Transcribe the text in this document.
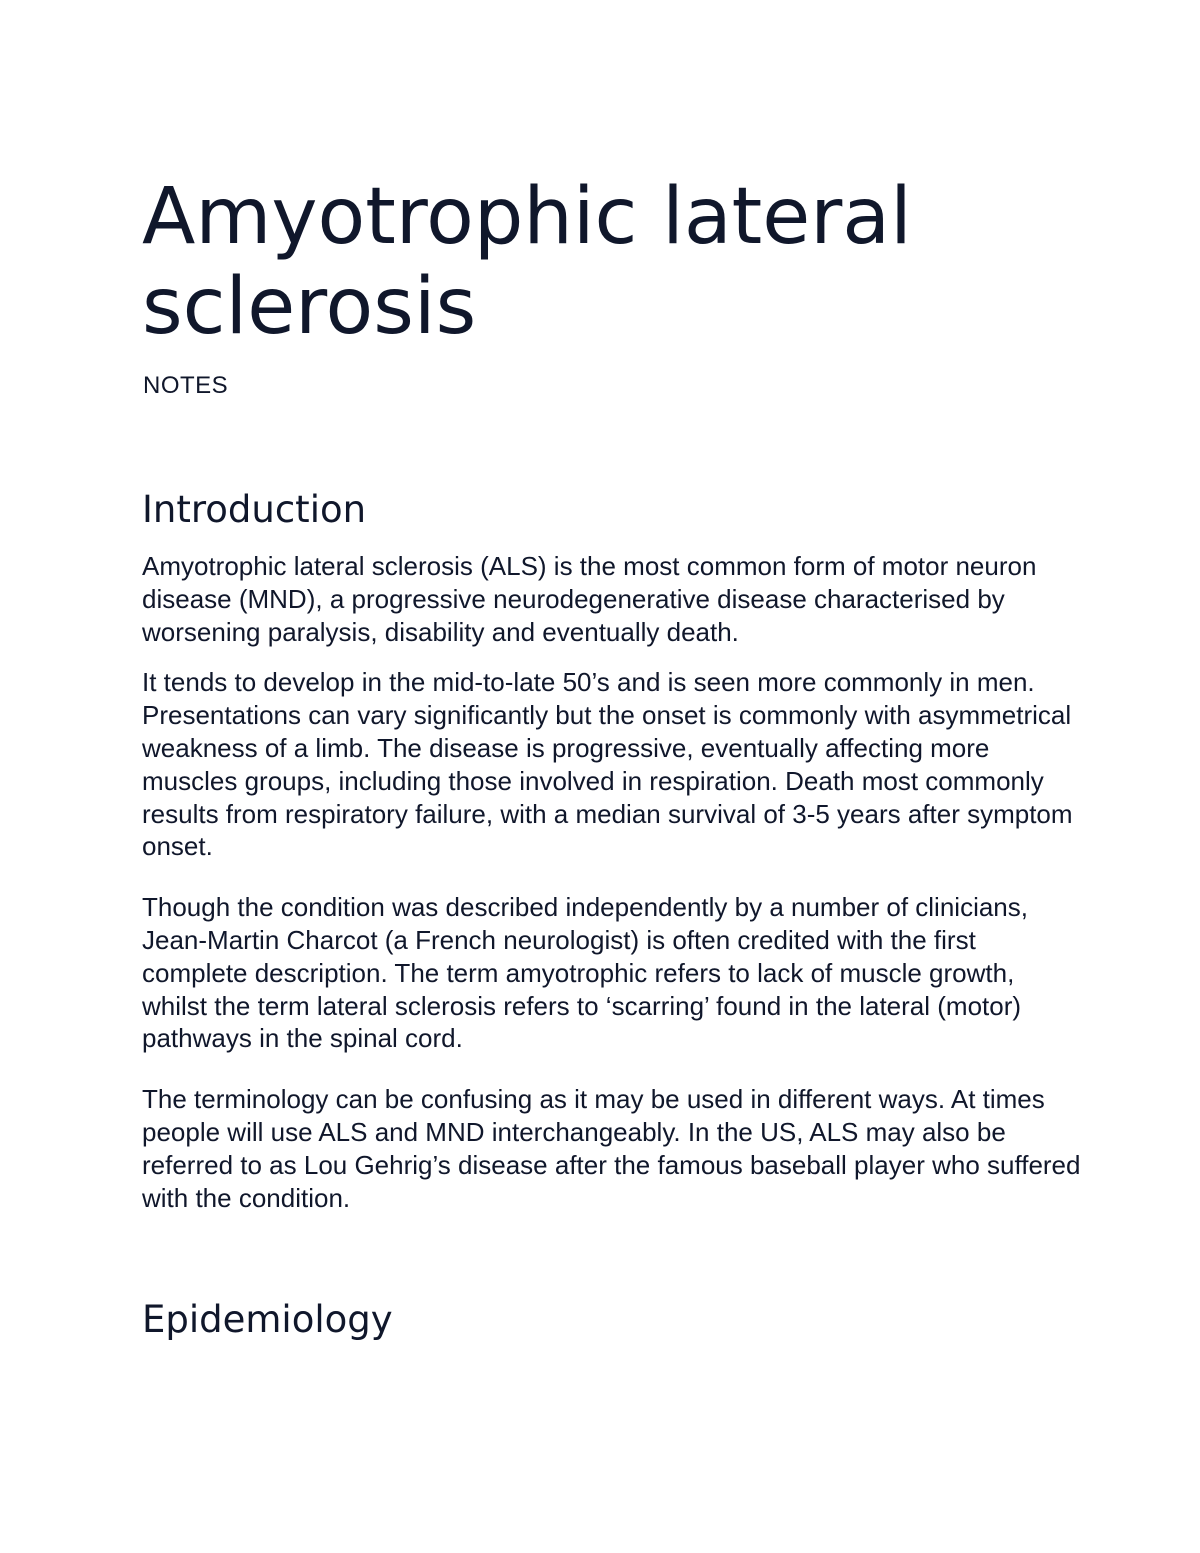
Amyotrophic lateral sclerosis
NOTES
Introduction

Amyotrophic lateral sclerosis (ALS) is the most common form of motor neuron disease (MND), a progressive neurodegenerative disease characterised by worsening paralysis, disability and eventually death.

It tends to develop in the mid-to-late 50’s and is seen more commonly in men. Presentations can vary significantly but the onset is commonly with asymmetrical weakness of a limb. The disease is progressive, eventually affecting more muscles groups, including those involved in respiration. Death most commonly results from respiratory failure, with a median survival of 3-5 years after symptom onset.

Though the condition was described independently by a number of clinicians, Jean-Martin Charcot (a French neurologist) is often credited with the first complete description. The term amyotrophic refers to lack of muscle growth, whilst the term lateral sclerosis refers to ‘scarring’ found in the lateral (motor) pathways in the spinal cord.

The terminology can be confusing as it may be used in different ways. At times people will use ALS and MND interchangeably. In the US, ALS may also be referred to as Lou Gehrig’s disease after the famous baseball player who suffered with the condition.

Epidemiology
